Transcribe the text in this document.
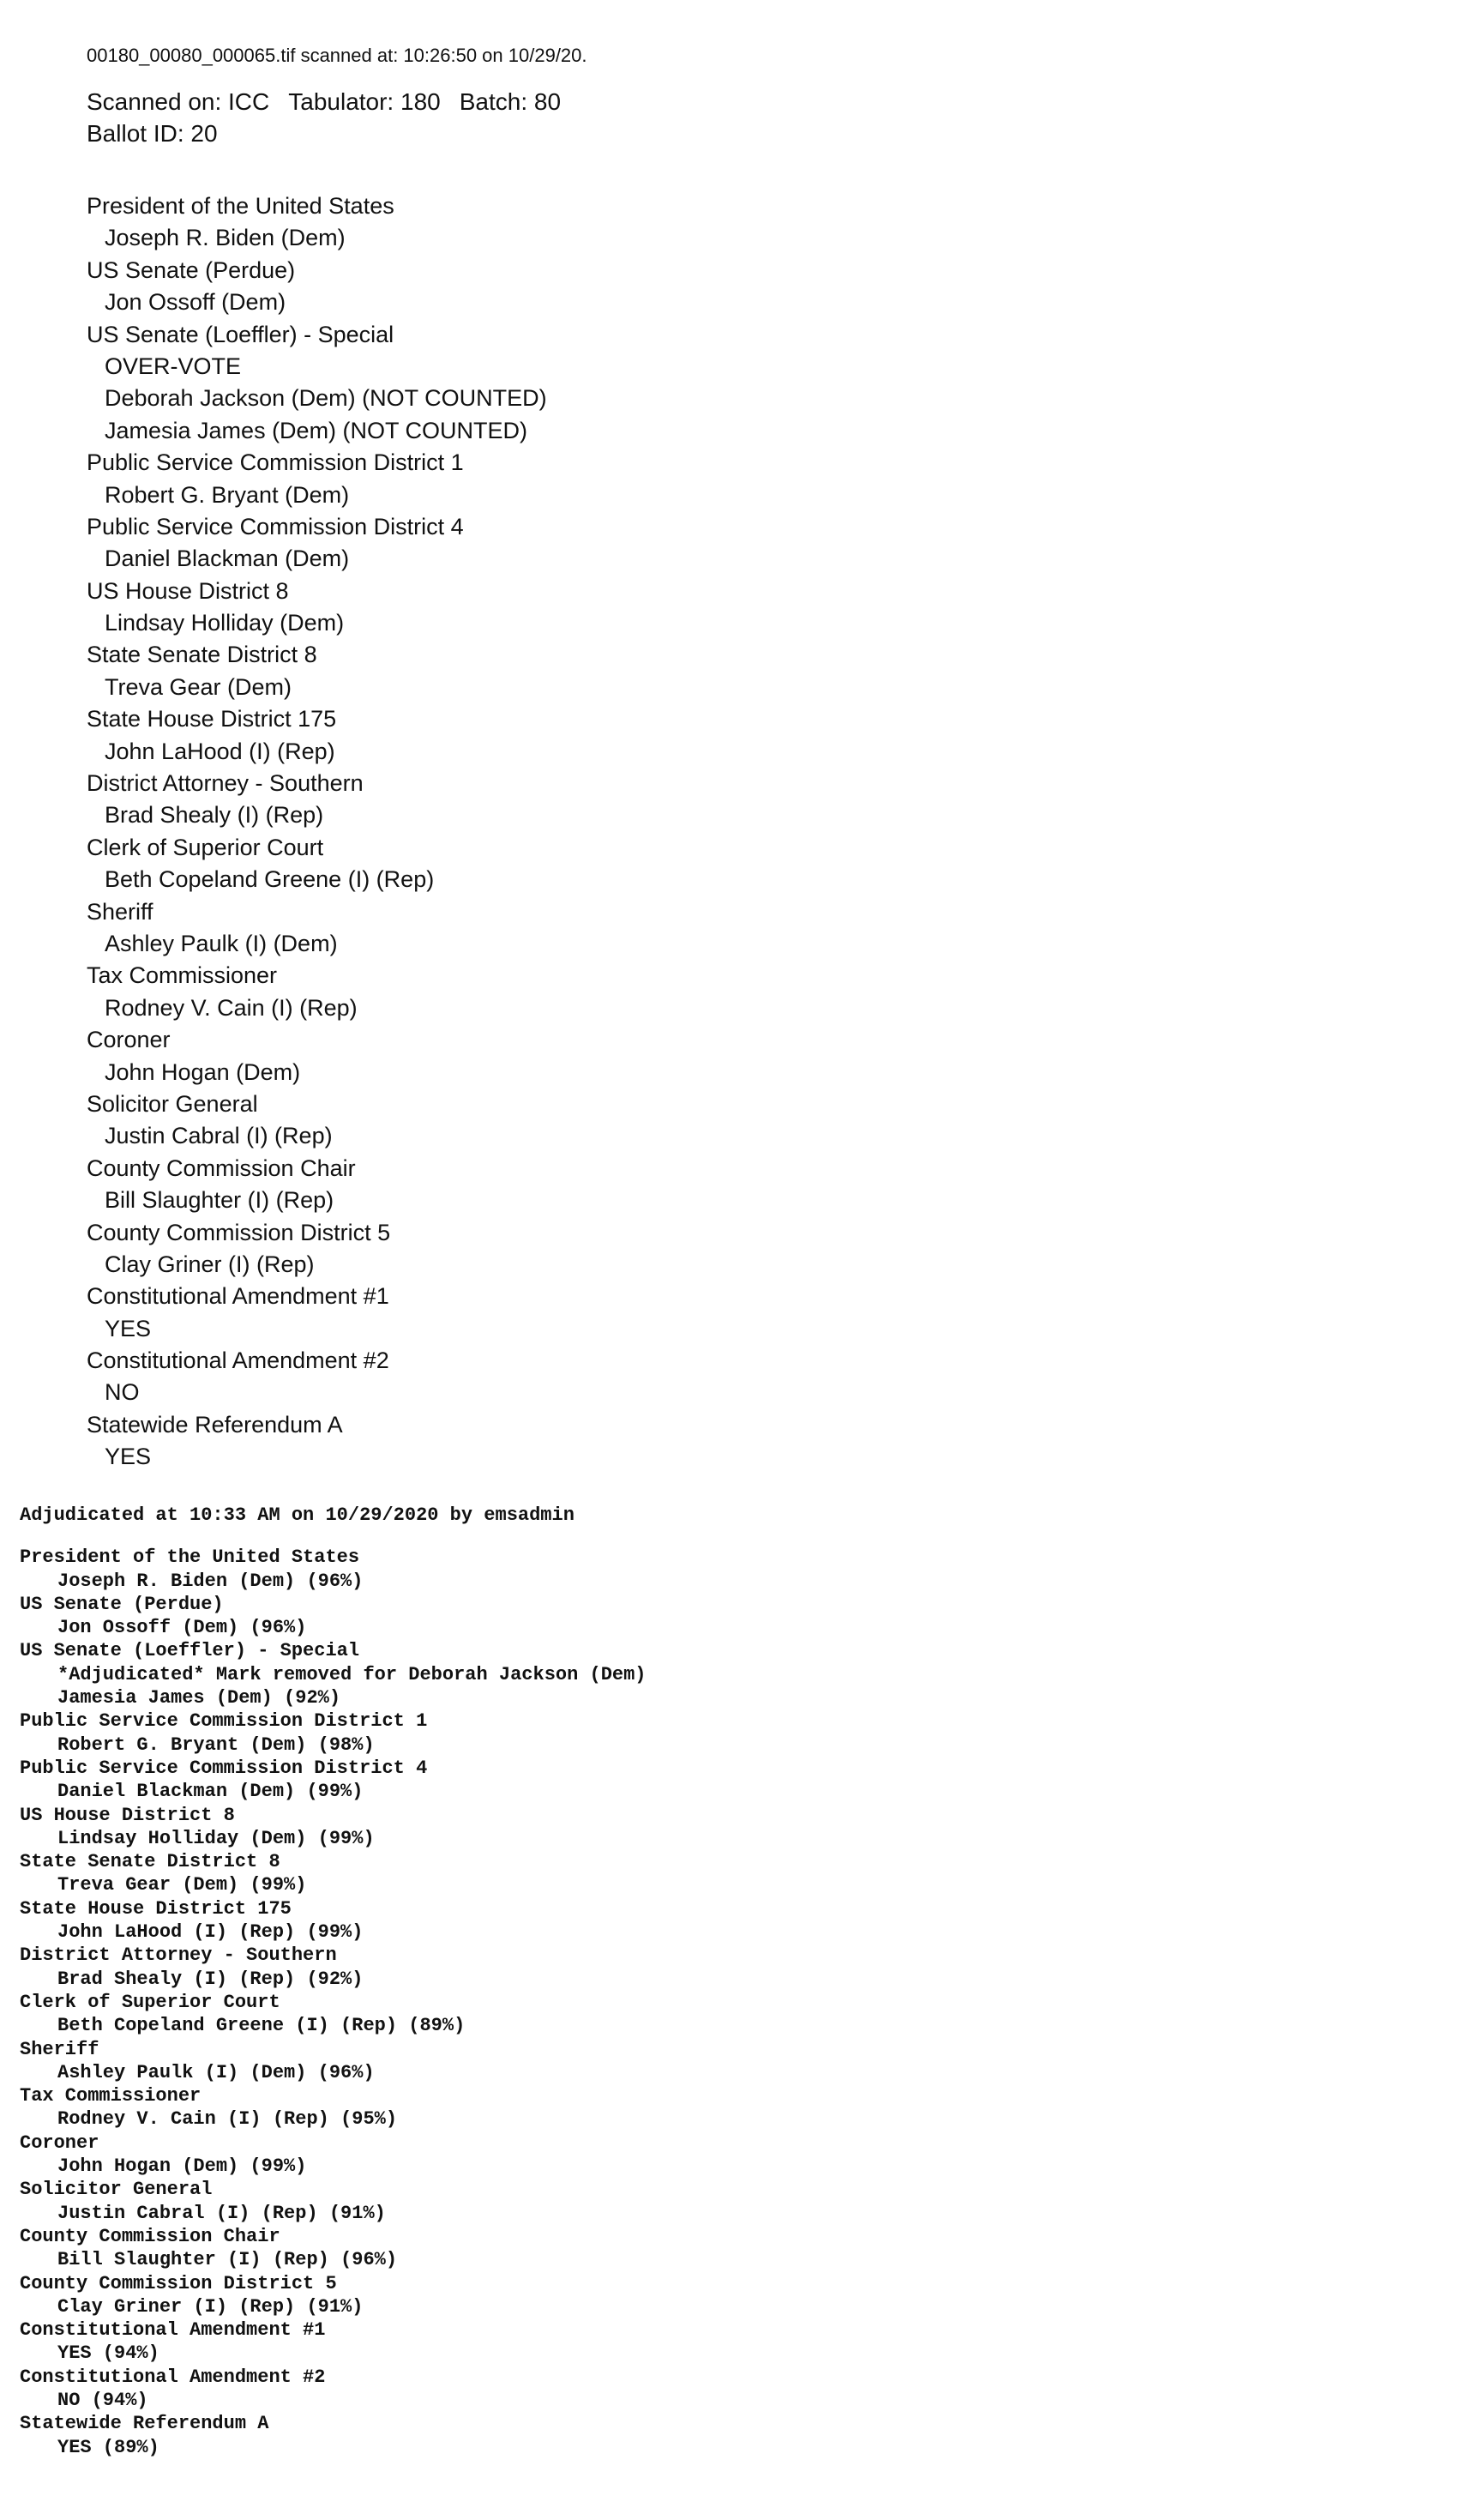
00180_00080_000065.tif scanned at: 10:26:50 on 10/29/20.
Scanned on: ICC Tabulator: 180 Batch: 80
Ballot ID: 20
President of the United States
Joseph R. Biden (Dem)
US Senate (Perdue)
Jon Ossoff (Dem)
US Senate (Loeffler) - Special
OVER-VOTE
Deborah Jackson (Dem) (NOT COUNTED)
Jamesia James (Dem) (NOT COUNTED)
Public Service Commission District 1
Robert G. Bryant (Dem)
Public Service Commission District 4
Daniel Blackman (Dem)
US House District 8
Lindsay Holliday (Dem)
State Senate District 8
Treva Gear (Dem)
State House District 175
John LaHood (I) (Rep)
District Attorney - Southern
Brad Shealy (I) (Rep)
Clerk of Superior Court
Beth Copeland Greene (I) (Rep)
Sheriff
Ashley Paulk (I) (Dem)
Tax Commissioner
Rodney V. Cain (I) (Rep)
Coroner
John Hogan (Dem)
Solicitor General
Justin Cabral (I) (Rep)
County Commission Chair
Bill Slaughter (I) (Rep)
County Commission District 5
Clay Griner (I) (Rep)
Constitutional Amendment #1
YES
Constitutional Amendment #2
NO
Statewide Referendum A
YES
Adjudicated at 10:33 AM on 10/29/2020 by emsadmin
President of the United States
Joseph R. Biden (Dem) (96%)
US Senate (Perdue)
Jon Ossoff (Dem) (96%)
US Senate (Loeffler) - Special
*Adjudicated* Mark removed for Deborah Jackson (Dem)
Jamesia James (Dem) (92%)
Public Service Commission District 1
Robert G. Bryant (Dem) (98%)
Public Service Commission District 4
Daniel Blackman (Dem) (99%)
US House District 8
Lindsay Holliday (Dem) (99%)
State Senate District 8
Treva Gear (Dem) (99%)
State House District 175
John LaHood (I) (Rep) (99%)
District Attorney - Southern
Brad Shealy (I) (Rep) (92%)
Clerk of Superior Court
Beth Copeland Greene (I) (Rep) (89%)
Sheriff
Ashley Paulk (I) (Dem) (96%)
Tax Commissioner
Rodney V. Cain (I) (Rep) (95%)
Coroner
John Hogan (Dem) (99%)
Solicitor General
Justin Cabral (I) (Rep) (91%)
County Commission Chair
Bill Slaughter (I) (Rep) (96%)
County Commission District 5
Clay Griner (I) (Rep) (91%)
Constitutional Amendment #1
YES (94%)
Constitutional Amendment #2
NO (94%)
Statewide Referendum A
YES (89%)
